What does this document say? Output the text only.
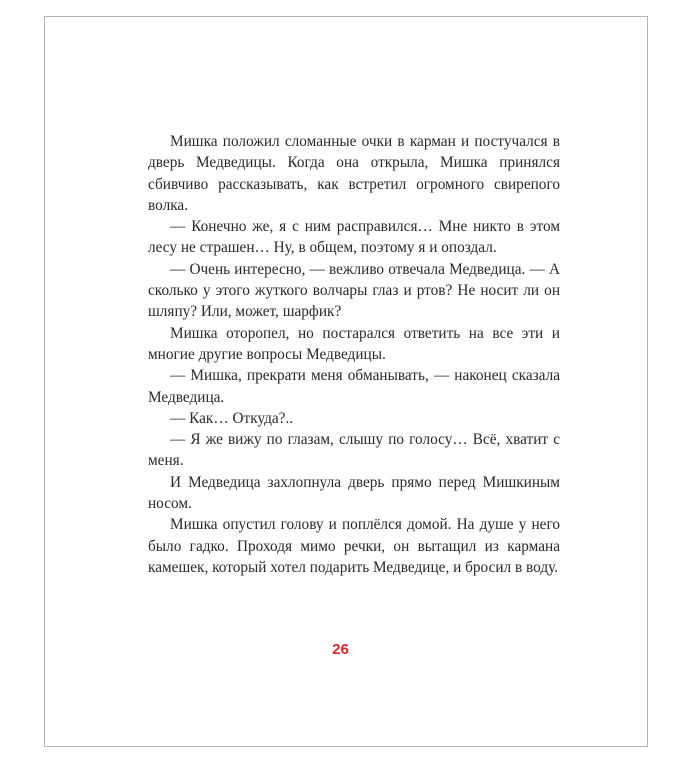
Мишка положил сломанные очки в карман и постучался в дверь Медведицы. Когда она открыла, Мишка принялся сбивчиво рассказывать, как встретил огромного свирепого волка.

— Конечно же, я с ним расправился… Мне никто в этом лесу не страшен… Ну, в общем, поэтому я и опоздал.

— Очень интересно, — вежливо отвечала Медведица. — А сколько у этого жуткого волчары глаз и ртов? Не носит ли он шляпу? Или, может, шарфик?

Мишка оторопел, но постарался ответить на все эти и многие другие вопросы Медведицы.

— Мишка, прекрати меня обманывать, — наконец сказала Медведица.

— Как… Откуда?..

— Я же вижу по глазам, слышу по голосу… Всё, хватит с меня.

И Медведица захлопнула дверь прямо перед Мишкиным носом.

Мишка опустил голову и поплёлся домой. На душе у него было гадко. Проходя мимо речки, он вытащил из кармана камешек, который хотел подарить Медведице, и бросил в воду.

26
